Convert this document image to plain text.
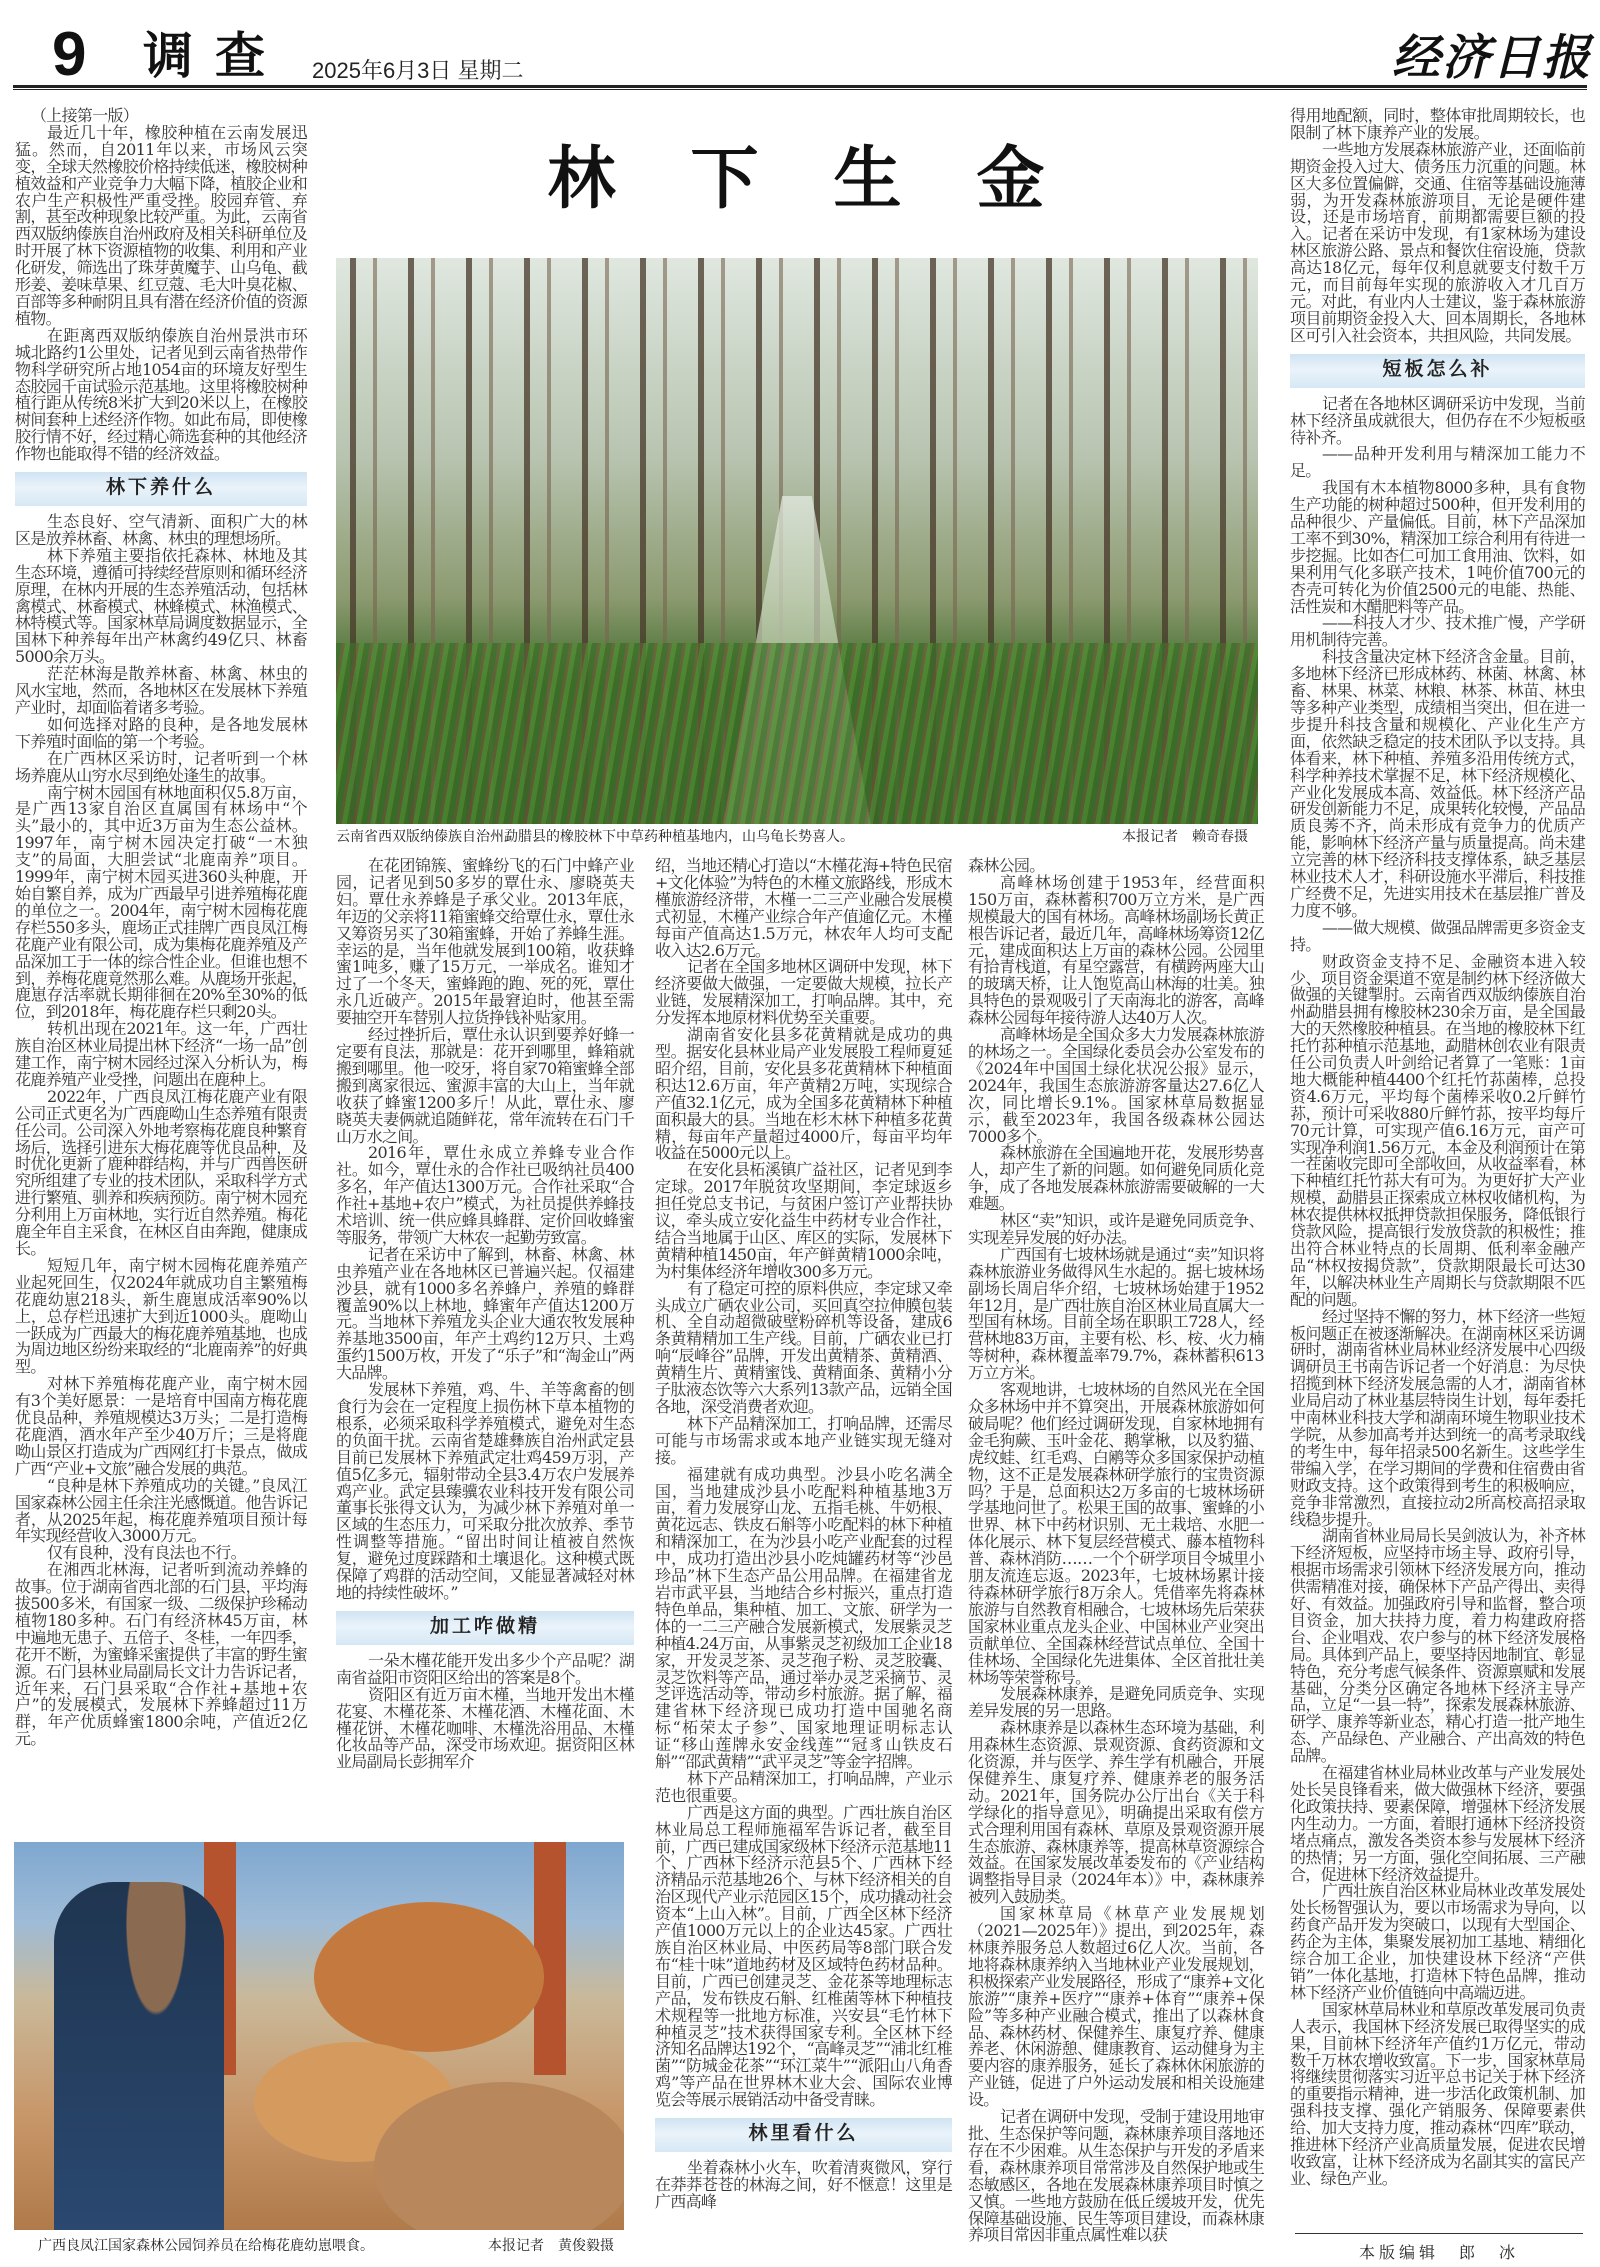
9 调查 2025年6月3日 星期二	经济日报
林下生金
云南省西双版纳傣族自治州勐腊县的橡胶林下中草药种植基地内，山乌龟长势喜人。	本报记者　赖奇春摄

（上接第一版）

最近几十年，橡胶种植在云南发展迅猛。然而，自2011年以来，市场风云突变，全球天然橡胶价格持续低迷，橡胶树种植效益和产业竞争力大幅下降，植胶企业和农户生产积极性严重受挫。胶园弃管、弃割，甚至改种现象比较严重。为此，云南省西双版纳傣族自治州政府及相关科研单位及时开展了林下资源植物的收集、利用和产业化研发，筛选出了珠芽黄魔芋、山乌龟、截形姜、姜味草果、红豆蔻、毛大叶臭花椒、百部等多种耐阴且具有潜在经济价值的资源植物。

在距离西双版纳傣族自治州景洪市环城北路约1公里处，记者见到云南省热带作物科学研究所占地1054亩的环境友好型生态胶园千亩试验示范基地。这里将橡胶树种植行距从传统8米扩大到20米以上，在橡胶树间套种上述经济作物。如此布局，即使橡胶行情不好，经过精心筛选套种的其他经济作物也能取得不错的经济效益。

林下养什么

生态良好、空气清新、面积广大的林区是放养林畜、林禽、林虫的理想场所。

林下养殖主要指依托森林、林地及其生态环境，遵循可持续经营原则和循环经济原理，在林内开展的生态养殖活动，包括林禽模式、林畜模式、林蜂模式、林渔模式、林特模式等。国家林草局调度数据显示，全国林下种养每年出产林禽约49亿只、林畜5000余万头。

茫茫林海是散养林畜、林禽、林虫的风水宝地，然而，各地林区在发展林下养殖产业时，却面临着诸多考验。

如何选择对路的良种，是各地发展林下养殖时面临的第一个考验。

在广西林区采访时，记者听到一个林场养鹿从山穷水尽到绝处逢生的故事。

南宁树木园国有林地面积仅5.8万亩，是广西13家自治区直属国有林场中“个头”最小的，其中近3万亩为生态公益林。1997年，南宁树木园决定打破“一木独支”的局面，大胆尝试“北鹿南养”项目。1999年，南宁树木园买进360头种鹿，开始自繁自养，成为广西最早引进养殖梅花鹿的单位之一。2004年，南宁树木园梅花鹿存栏550多头，鹿场正式挂牌广西良凤江梅花鹿产业有限公司，成为集梅花鹿养殖及产品深加工于一体的综合性企业。但谁也想不到，养梅花鹿竟然那么难。从鹿场开张起，鹿崽存活率就长期徘徊在20%至30%的低位，到2018年，梅花鹿存栏只剩20头。

转机出现在2021年。这一年，广西壮族自治区林业局提出林下经济“一场一品”创建工作，南宁树木园经过深入分析认为，梅花鹿养殖产业受挫，问题出在鹿种上。

2022年，广西良凤江梅花鹿产业有限公司正式更名为广西鹿呦山生态养殖有限责任公司。公司深入外地考察梅花鹿良种繁育场后，选择引进东大梅花鹿等优良品种，及时优化更新了鹿种群结构，并与广西兽医研究所组建了专业的技术团队，采取科学方式进行繁殖、驯养和疾病预防。南宁树木园充分利用上万亩林地，实行近自然养殖。梅花鹿全年自主采食，在林区自由奔跑，健康成长。

短短几年，南宁树木园梅花鹿养殖产业起死回生，仅2024年就成功自主繁殖梅花鹿幼崽218头，新生鹿崽成活率90%以上，总存栏迅速扩大到近1000头。鹿呦山一跃成为广西最大的梅花鹿养殖基地，也成为周边地区纷纷来取经的“北鹿南养”的好典型。

对林下养殖梅花鹿产业，南宁树木园有3个美好愿景：一是培育中国南方梅花鹿优良品种，养殖规模达3万头；二是打造梅花鹿酒，酒水年产至少40万斤；三是将鹿呦山景区打造成为广西网红打卡景点，做成广西“产业+文旅”融合发展的典范。

“良种是林下养殖成功的关键。”良凤江国家森林公园主任余注光感慨道。他告诉记者，从2025年起，梅花鹿养殖项目预计每年实现经营收入3000万元。

仅有良种，没有良法也不行。

在湘西北林海，记者听到流动养蜂的故事。位于湖南省西北部的石门县，平均海拔500多米，有国家一级、二级保护珍稀动植物180多种。石门有经济林45万亩，林中遍地无患子、五倍子、冬桂，一年四季，花开不断，为蜜蜂采蜜提供了丰富的野生蜜源。石门县林业局副局长文计力告诉记者，近年来，石门县采取“合作社+基地+农户”的发展模式，发展林下养蜂超过11万群，年产优质蜂蜜1800余吨，产值近2亿元。

在花团锦簇、蜜蜂纷飞的石门中蜂产业园，记者见到50多岁的覃仕永、廖晓英夫妇。覃仕永养蜂是子承父业。2013年底，年迈的父亲将11箱蜜蜂交给覃仕永，覃仕永又筹资另买了30箱蜜蜂，开始了养蜂生涯。幸运的是，当年他就发展到100箱，收获蜂蜜1吨多，赚了15万元，一举成名。谁知才过了一个冬天，蜜蜂跑的跑、死的死，覃仕永几近破产。2015年最窘迫时，他甚至需要抽空开车替别人拉货挣钱补贴家用。

经过挫折后，覃仕永认识到要养好蜂一定要有良法，那就是：花开到哪里，蜂箱就搬到哪里。他一咬牙，将自家70箱蜜蜂全部搬到离家很远、蜜源丰富的大山上，当年就收获了蜂蜜1200多斤！从此，覃仕永、廖晓英夫妻俩就追随鲜花，常年流转在石门千山万水之间。

2016年，覃仕永成立养蜂专业合作社。如今，覃仕永的合作社已吸纳社员400多名，年产值达1300万元。合作社采取“合作社+基地+农户”模式，为社员提供养蜂技术培训、统一供应蜂具蜂群、定价回收蜂蜜等服务，带领广大林农一起勤劳致富。

记者在采访中了解到，林畜、林禽、林虫养殖产业在各地林区已普遍兴起。仅福建沙县，就有1000多名养蜂户，养殖的蜂群覆盖90%以上林地，蜂蜜年产值达1200万元。当地林下养殖龙头企业大通农牧发展种养基地3500亩，年产土鸡约12万只、土鸡蛋约1500万枚，开发了“乐子”和“淘金山”两大品牌。

发展林下养殖，鸡、牛、羊等禽畜的刨食行为会在一定程度上损伤林下草本植物的根系，必须采取科学养殖模式，避免对生态的负面干扰。云南省楚雄彝族自治州武定县目前已发展林下养殖武定壮鸡459万羽，产值5亿多元，辐射带动全县3.4万农户发展养鸡产业。武定县臻骥农业科技开发有限公司董事长张得文认为，为减少林下养殖对单一区域的生态压力，可采取分批次放养、季节性调整等措施。“留出时间让植被自然恢复，避免过度踩踏和土壤退化。这种模式既保障了鸡群的活动空间，又能显著减轻对林地的持续性破坏。”

加工咋做精

一朵木槿花能开发出多少个产品呢？湖南省益阳市资阳区给出的答案是8个。

资阳区有近万亩木槿，当地开发出木槿花宴、木槿花茶、木槿花酒、木槿花面、木槿花饼、木槿花咖啡、木槿洗浴用品、木槿化妆品等产品，深受市场欢迎。据资阳区林业局副局长彭拥军介

绍，当地还精心打造以“木槿花海+特色民宿+文化体验”为特色的木槿文旅路线，形成木槿旅游经济带，木槿一二三产业融合发展模式初显，木槿产业综合年产值逾亿元。木槿每亩产值高达1.5万元，林农年人均可支配收入达2.6万元。

记者在全国多地林区调研中发现，林下经济要做大做强，一定要做大规模，拉长产业链，发展精深加工，打响品牌。其中，充分发挥本地原材料优势至关重要。

湖南省安化县多花黄精就是成功的典型。据安化县林业局产业发展股工程师夏延昭介绍，目前，安化县多花黄精林下种植面积达12.6万亩，年产黄精2万吨，实现综合产值32.1亿元，成为全国多花黄精林下种植面积最大的县。当地在杉木林下种植多花黄精，每亩年产量超过4000斤，每亩平均年收益在5000元以上。

在安化县柘溪镇广益社区，记者见到李定球。2017年脱贫攻坚期间，李定球返乡担任党总支书记，与贫困户签订产业帮扶协议，牵头成立安化益生中药材专业合作社，结合当地属于山区、库区的实际，发展林下黄精种植1450亩，年产鲜黄精1000余吨，为村集体经济年增收300多万元。

有了稳定可控的原料供应，李定球又牵头成立广硒农业公司，买回真空拉伸膜包装机、全自动超微破壁粉碎机等设备，建成6条黄精精加工生产线。目前，广硒农业已打响“辰峰谷”品牌，开发出黄精茶、黄精酒、黄精生片、黄精蜜饯、黄精面条、黄精小分子肽液态饮等六大系列13款产品，远销全国各地，深受消费者欢迎。

林下产品精深加工，打响品牌，还需尽可能与市场需求或本地产业链实现无缝对接。

福建就有成功典型。沙县小吃名满全国，当地建成沙县小吃配料种植基地3万亩，着力发展穿山龙、五指毛桃、牛奶根、黄花远志、铁皮石斛等小吃配料的林下种植和精深加工，在为沙县小吃产业配套的过程中，成功打造出沙县小吃炖罐药材等“沙邑珍品”林下生态产品公用品牌。在福建省龙岩市武平县，当地结合乡村振兴，重点打造特色单品，集种植、加工、文旅、研学为一体的一二三产融合发展新模式，发展紫灵芝种植4.24万亩，从事紫灵芝初级加工企业18家，开发灵芝茶、灵芝孢子粉、灵芝胶囊、灵芝饮料等产品，通过举办灵芝采摘节、灵芝评选活动等，带动乡村旅游。据了解，福建省林下经济现已成功打造中国驰名商标“柘荣太子参”、国家地理证明标志认证“移山莲牌永安金线莲”“冠豸山铁皮石斛”“邵武黄精”“武平灵芝”等金字招牌。

林下产品精深加工，打响品牌，产业示范也很重要。

广西是这方面的典型。广西壮族自治区林业局总工程师施福军告诉记者，截至目前，广西已建成国家级林下经济示范基地11个、广西林下经济示范县5个、广西林下经济精品示范基地26个、与林下经济相关的自治区现代产业示范园区15个，成功撬动社会资本“上山入林”。目前，广西全区林下经济产值1000万元以上的企业达45家。广西壮族自治区林业局、中医药局等8部门联合发布“桂十味”道地药材及区域特色药材品种。目前，广西已创建灵芝、金花茶等地理标志产品，发布铁皮石斛、红椎菌等林下种植技术规程等一批地方标准，兴安县“毛竹林下种植灵芝”技术获得国家专利。全区林下经济知名品牌达192个，“高峰灵芝”“浦北红椎菌”“防城金花茶”“环江菜牛”“派阳山八角香鸡”等产品在世界林木业大会、国际农业博览会等展示展销活动中备受青睐。

林里看什么

坐着森林小火车，吹着清爽微风，穿行在莽莽苍苍的林海之间，好不惬意！这里是广西高峰

森林公园。

高峰林场创建于1953年，经营面积150万亩，森林蓄积700万立方米，是广西规模最大的国有林场。高峰林场副场长黄正根告诉记者，最近几年，高峰林场筹资12亿元，建成面积达上万亩的森林公园。公园里有拾青栈道，有星空露营，有横跨两座大山的玻璃天桥，让人饱览高山林海的壮美。独具特色的景观吸引了天南海北的游客，高峰森林公园每年接待游人达40万人次。

高峰林场是全国众多大力发展森林旅游的林场之一。全国绿化委员会办公室发布的《2024年中国国土绿化状况公报》显示，2024年，我国生态旅游游客量达27.6亿人次，同比增长9.1%。国家林草局数据显示，截至2023年，我国各级森林公园达7000多个。

森林旅游在全国遍地开花，发展形势喜人，却产生了新的问题。如何避免同质化竞争，成了各地发展森林旅游需要破解的一大难题。

林区“卖”知识，或许是避免同质竞争、实现差异发展的好办法。

广西国有七坡林场就是通过“卖”知识将森林旅游业务做得风生水起的。据七坡林场副场长周启华介绍，七坡林场始建于1952年12月，是广西壮族自治区林业局直属大一型国有林场。目前全场在职职工728人，经营林地83万亩，主要有松、杉、桉、火力楠等树种，森林覆盖率79.7%，森林蓄积613万立方米。

客观地讲，七坡林场的自然风光在全国众多林场中并不算突出，开展森林旅游如何破局呢？他们经过调研发现，自家林地拥有金毛狗蕨、玉叶金花、鹅掌楸，以及豹猫、虎纹蛙、红毛鸡、白鹇等众多国家保护动植物，这不正是发展森林研学旅行的宝贵资源吗？于是，总面积达2万多亩的七坡林场研学基地问世了。松果王国的故事、蜜蜂的小世界、林下中药材识别、无土栽培、水肥一体化展示、林下复层经营模式、藤本植物科普、森林消防……一个个研学项目令城里小朋友流连忘返。2023年，七坡林场累计接待森林研学旅行8万余人。凭借率先将森林旅游与自然教育相融合，七坡林场先后荣获国家林业重点龙头企业、中国林业产业突出贡献单位、全国森林经营试点单位、全国十佳林场、全国绿化先进集体、全区首批壮美林场等荣誉称号。

发展森林康养，是避免同质竞争、实现差异发展的另一思路。

森林康养是以森林生态环境为基础，利用森林生态资源、景观资源、食药资源和文化资源，并与医学、养生学有机融合，开展保健养生、康复疗养、健康养老的服务活动。2021年，国务院办公厅出台《关于科学绿化的指导意见》，明确提出采取有偿方式合理利用国有森林、草原及景观资源开展生态旅游、森林康养等，提高林草资源综合效益。在国家发展改革委发布的《产业结构调整指导目录（2024年本）》中，森林康养被列入鼓励类。

国家林草局《林草产业发展规划（2021—2025年）》提出，到2025年，森林康养服务总人数超过6亿人次。当前，各地将森林康养纳入当地林业产业发展规划，积极探索产业发展路径，形成了“康养+文化旅游”“康养+医疗”“康养+体育”“康养+保险”等多种产业融合模式，推出了以森林食品、森林药材、保健养生、康复疗养、健康养老、休闲游憩、健康教育、运动健身为主要内容的康养服务，延长了森林休闲旅游的产业链，促进了户外运动发展和相关设施建设。

记者在调研中发现，受制于建设用地审批、生态保护等问题，森林康养项目落地还存在不少困难。从生态保护与开发的矛盾来看，森林康养项目常常涉及自然保护地或生态敏感区，各地在发展森林康养项目时慎之又慎。一些地方鼓励在低丘缓坡开发，优先保障基础设施、民生等项目建设，而森林康养项目常因非重点属性难以获

得用地配额，同时，整体审批周期较长，也限制了林下康养产业的发展。

一些地方发展森林旅游产业，还面临前期资金投入过大、债务压力沉重的问题。林区大多位置偏僻，交通、住宿等基础设施薄弱，为开发森林旅游项目，无论是硬件建设，还是市场培育，前期都需要巨额的投入。记者在采访中发现，有1家林场为建设林区旅游公路、景点和餐饮住宿设施，贷款高达18亿元，每年仅利息就要支付数千万元，而目前每年实现的旅游收入才几百万元。对此，有业内人士建议，鉴于森林旅游项目前期资金投入大、回本周期长，各地林区可引入社会资本，共担风险，共同发展。

短板怎么补

记者在各地林区调研采访中发现，当前林下经济虽成就很大，但仍存在不少短板亟待补齐。

——品种开发利用与精深加工能力不足。

我国有木本植物8000多种，具有食物生产功能的树种超过500种，但开发利用的品种很少、产量偏低。目前，林下产品深加工率不到30%，精深加工综合利用有待进一步挖掘。比如杏仁可加工食用油、饮料，如果利用气化多联产技术，1吨价值700元的杏壳可转化为价值2500元的电能、热能、活性炭和木醋肥料等产品。

——科技人才少、技术推广慢，产学研用机制待完善。

科技含量决定林下经济含金量。目前，多地林下经济已形成林药、林菌、林禽、林畜、林果、林菜、林粮、林茶、林苗、林虫等多种产业类型，成绩相当突出，但在进一步提升科技含量和规模化、产业化生产方面，依然缺乏稳定的技术团队予以支持。具体看来，林下种植、养殖多沿用传统方式，科学种养技术掌握不足，林下经济规模化、产业化发展成本高、效益低。林下经济产品研发创新能力不足，成果转化较慢，产品品质良莠不齐，尚未形成有竞争力的优质产能，影响林下经济产量与质量提高。尚未建立完善的林下经济科技支撑体系，缺乏基层林业技术人才，科研设施水平滞后，科技推广经费不足，先进实用技术在基层推广普及力度不够。

——做大规模、做强品牌需更多资金支持。

财政资金支持不足、金融资本进入较少、项目资金渠道不宽是制约林下经济做大做强的关键掣肘。云南省西双版纳傣族自治州勐腊县拥有橡胶林230余万亩，是全国最大的天然橡胶种植县。在当地的橡胶林下红托竹荪种植示范基地，勐腊林创农业有限责任公司负责人叶剑给记者算了一笔账：1亩地大概能种植4400个红托竹荪菌棒，总投资4.6万元，平均每个菌棒采收0.2斤鲜竹荪，预计可采收880斤鲜竹荪，按平均每斤70元计算，可实现产值6.16万元，亩产可实现净利润1.56万元，本金及利润预计在第一茬菌收完即可全部收回，从收益率看，林下种植红托竹荪大有可为。为更好扩大产业规模，勐腊县正探索成立林权收储机构，为林农提供林权抵押贷款担保服务，降低银行贷款风险，提高银行发放贷款的积极性；推出符合林业特点的长周期、低利率金融产品“林权按揭贷款”，贷款期限最长可达30年，以解决林业生产周期长与贷款期限不匹配的问题。

经过坚持不懈的努力，林下经济一些短板问题正在被逐渐解决。在湖南林区采访调研时，湖南省林业局林业经济发展中心四级调研员王书南告诉记者一个好消息：为尽快招揽到林下经济发展急需的人才，湖南省林业局启动了林业基层特岗生计划，每年委托中南林业科技大学和湖南环境生物职业技术学院，从参加高考并达到统一的高考录取线的考生中，每年招录500名新生。这些学生带编入学，在学习期间的学费和住宿费由省财政支持。这个政策得到考生的积极响应，竞争非常激烈，直接拉动2所高校高招录取线稳步提升。

湖南省林业局局长吴剑波认为，补齐林下经济短板，应坚持市场主导、政府引导，根据市场需求引领林下经济发展方向，推动供需精准对接，确保林下产品产得出、卖得好、有效益。加强政府引导和监督，整合项目资金，加大扶持力度，着力构建政府搭台、企业唱戏、农户参与的林下经济发展格局。具体到产品上，要坚持因地制宜、彰显特色，充分考虑气候条件、资源禀赋和发展基础，分类分区确定各地林下经济主导产品，立足“一县一特”，探索发展森林旅游、研学、康养等新业态，精心打造一批产地生态、产品绿色、产业融合、产出高效的特色品牌。

在福建省林业局林业改革与产业发展处处长吴良锋看来，做大做强林下经济，要强化政策扶持、要素保障，增强林下经济发展内生动力。一方面，着眼打通林下经济投资堵点痛点，激发各类资本参与发展林下经济的热情；另一方面，强化空间拓展、三产融合，促进林下经济效益提升。

广西壮族自治区林业局林业改革发展处处长杨智强认为，要以市场需求为导向，以药食产品开发为突破口，以现有大型国企、药企为主体，集聚发展初加工基地、精细化综合加工企业，加快建设林下经济“产供销”一体化基地，打造林下特色品牌，推动林下经济产业价值链向中高端迈进。

国家林草局林业和草原改革发展司负责人表示，我国林下经济发展已取得坚实的成果，目前林下经济年产值约1万亿元，带动数千万林农增收致富。下一步，国家林草局将继续贯彻落实习近平总书记关于林下经济的重要指示精神，进一步活化政策机制、加强科技支撑、强化产销服务、保障要素供给、加大支持力度，推动森林“四库”联动，推进林下经济产业高质量发展，促进农民增收致富，让林下经济成为名副其实的富民产业、绿色产业。

广西良凤江国家森林公园饲养员在给梅花鹿幼崽喂食。	本报记者　黄俊毅摄	本版编辑　郎　冰
